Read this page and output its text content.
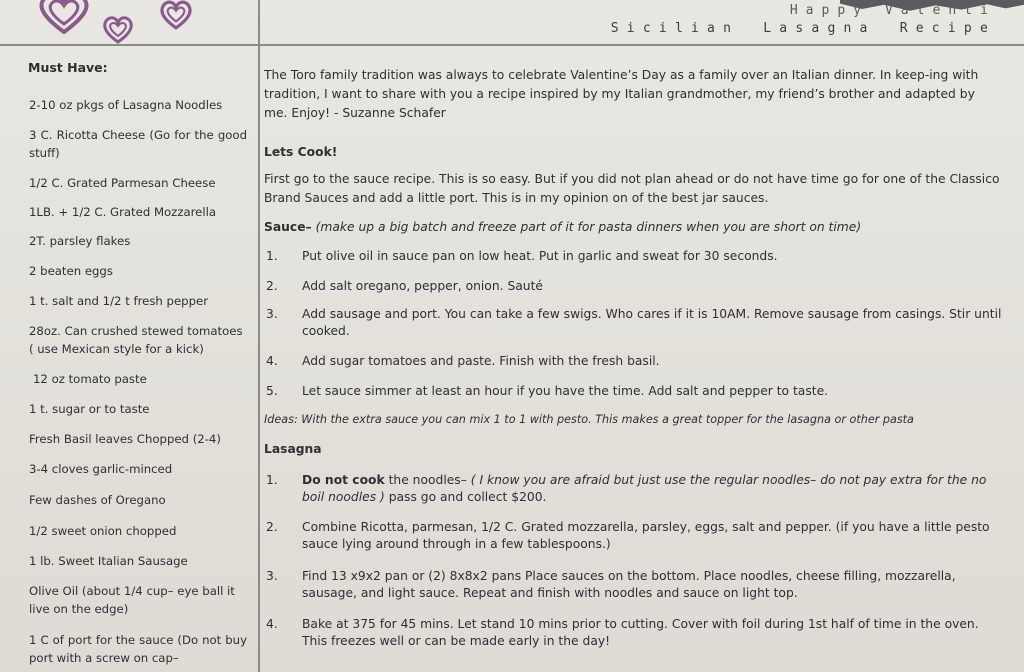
H a p p y   V a l e n t i
S i c i l i a n    L a s a g n a    R e c i p e
Must Have:
2-10 oz pkgs of Lasagna Noodles
3 C. Ricotta Cheese (Go for the good stuff)
1/2 C. Grated Parmesan Cheese
1LB. + 1/2 C. Grated Mozzarella
2T. parsley flakes
2 beaten eggs
1 t. salt and 1/2 t fresh pepper
28oz. Can crushed stewed tomatoes ( use Mexican style for a kick)
12 oz tomato paste
1 t. sugar or to taste
Fresh Basil leaves Chopped (2-4)
3-4 cloves garlic-minced
Few dashes of Oregano
1/2 sweet onion chopped
1 lb. Sweet Italian Sausage
Olive Oil (about 1/4 cup– eye ball it live on the edge)
1 C of port for the sauce (Do not buy port with a screw on cap–
The Toro family tradition was always to celebrate Valentine’s Day as a family over an Italian dinner. In keep-ing with tradition, I want to share with you a recipe inspired by my Italian grandmother, my friend’s brother and adapted by me. Enjoy! - Suzanne Schafer
Lets Cook!
First go to the sauce recipe. This is so easy. But if you did not plan ahead or do not have time go for one of the Classico Brand Sauces and add a little port. This is in my opinion on of the best jar sauces.
Sauce– (make up a big batch and freeze part of it for pasta dinners when you are short on time)
1. Put olive oil in sauce pan on low heat. Put in garlic and sweat for 30 seconds.
2. Add salt oregano, pepper, onion. Sauté
3. Add sausage and port. You can take a few swigs. Who cares if it is 10AM. Remove sausage from casings. Stir until cooked.
4. Add sugar tomatoes and paste. Finish with the fresh basil.
5. Let sauce simmer at least an hour if you have the time. Add salt and pepper to taste.
Ideas: With the extra sauce you can mix 1 to 1 with pesto. This makes a great topper for the lasagna or other pasta
Lasagna
1. Do not cook the noodles– ( I know you are afraid but just use the regular noodles– do not pay extra for the no boil noodles ) pass go and collect $200.
2. Combine Ricotta, parmesan, 1/2 C. Grated mozzarella, parsley, eggs, salt and pepper. (if you have a little pesto sauce lying around through in a few tablespoons.)
3. Find 13 x9x2 pan or (2) 8x8x2 pans Place sauces on the bottom. Place noodles, cheese filling, mozzarella, sausage, and light sauce. Repeat and finish with noodles and sauce on light top.
4. Bake at 375 for 45 mins. Let stand 10 mins prior to cutting. Cover with foil during 1st half of time in the oven. This freezes well or can be made early in the day!
